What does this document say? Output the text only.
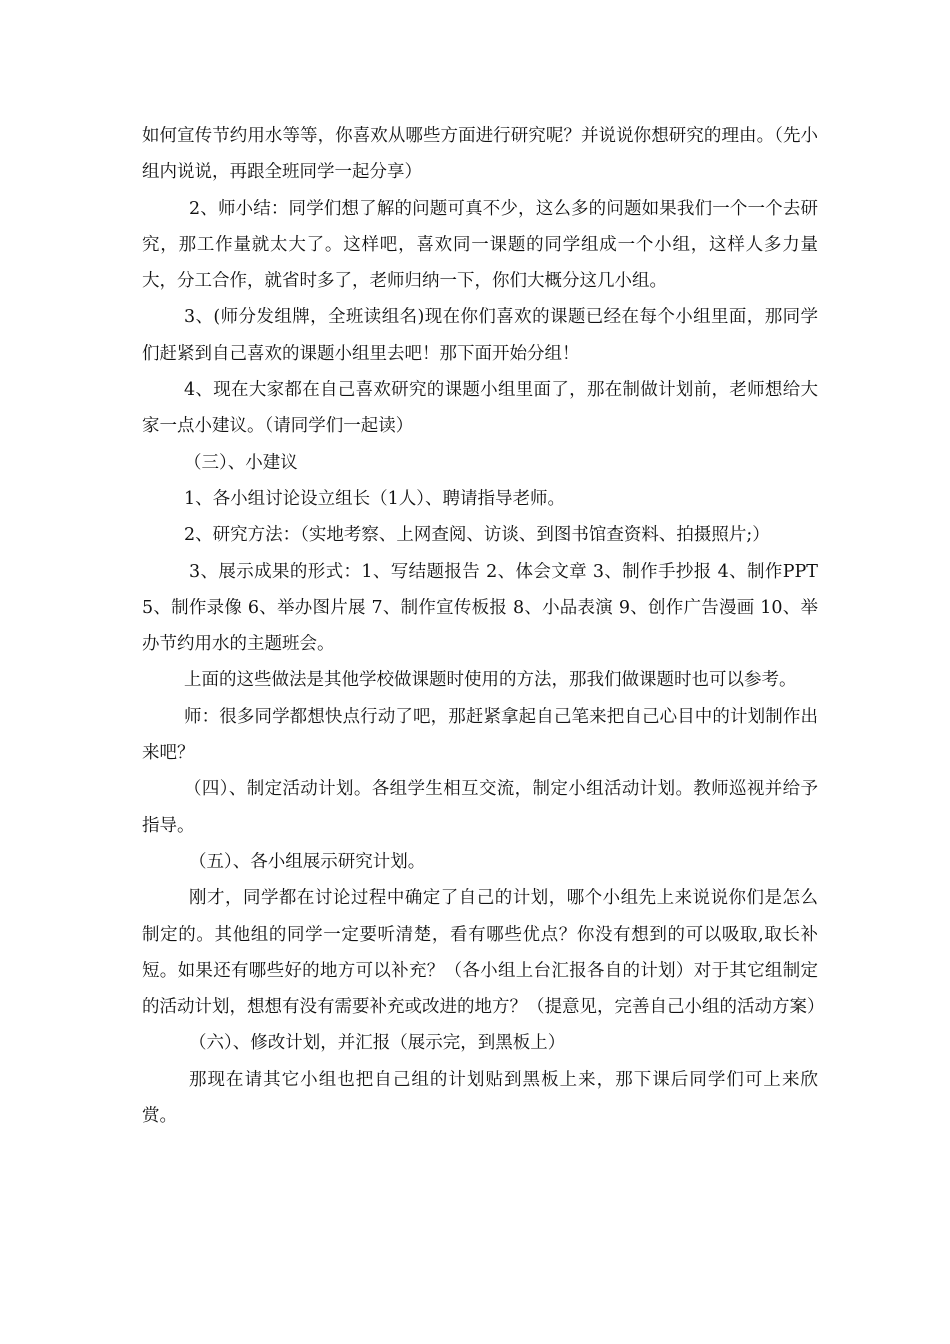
如何宣传节约用水等等，你喜欢从哪些方面进行研究呢？并说说你想研究的理由。（先小组内说说，再跟全班同学一起分享）

2、师小结：同学们想了解的问题可真不少，这么多的问题如果我们一个一个去研究，那工作量就太大了。这样吧，喜欢同一课题的同学组成一个小组，这样人多力量大，分工合作，就省时多了，老师归纳一下，你们大概分这几小组。

3、(师分发组牌，全班读组名)现在你们喜欢的课题已经在每个小组里面，那同学们赶紧到自己喜欢的课题小组里去吧！那下面开始分组！

4、现在大家都在自己喜欢研究的课题小组里面了，那在制做计划前，老师想给大家一点小建议。（请同学们一起读）

（三）、小建议

1、各小组讨论设立组长（1人）、聘请指导老师。

2、研究方法：（实地考察、上网查阅、访谈、到图书馆查资料、拍摄照片;）

3、展示成果的形式：1、写结题报告 2、体会文章 3、制作手抄报 4、制作PPT 5、制作录像 6、举办图片展 7、制作宣传板报 8、小品表演 9、创作广告漫画 10、举办节约用水的主题班会。

上面的这些做法是其他学校做课题时使用的方法，那我们做课题时也可以参考。

师：很多同学都想快点行动了吧，那赶紧拿起自己笔来把自己心目中的计划制作出来吧？

（四）、制定活动计划。各组学生相互交流，制定小组活动计划。教师巡视并给予指导。

（五）、各小组展示研究计划。

刚才，同学都在讨论过程中确定了自己的计划，哪个小组先上来说说你们是怎么制定的。其他组的同学一定要听清楚，看有哪些优点？你没有想到的可以吸取,取长补短。如果还有哪些好的地方可以补充？（各小组上台汇报各自的计划）对于其它组制定的活动计划，想想有没有需要补充或改进的地方？（提意见，完善自己小组的活动方案）

（六）、修改计划，并汇报（展示完，到黑板上）

那现在请其它小组也把自己组的计划贴到黑板上来，那下课后同学们可上来欣赏。
